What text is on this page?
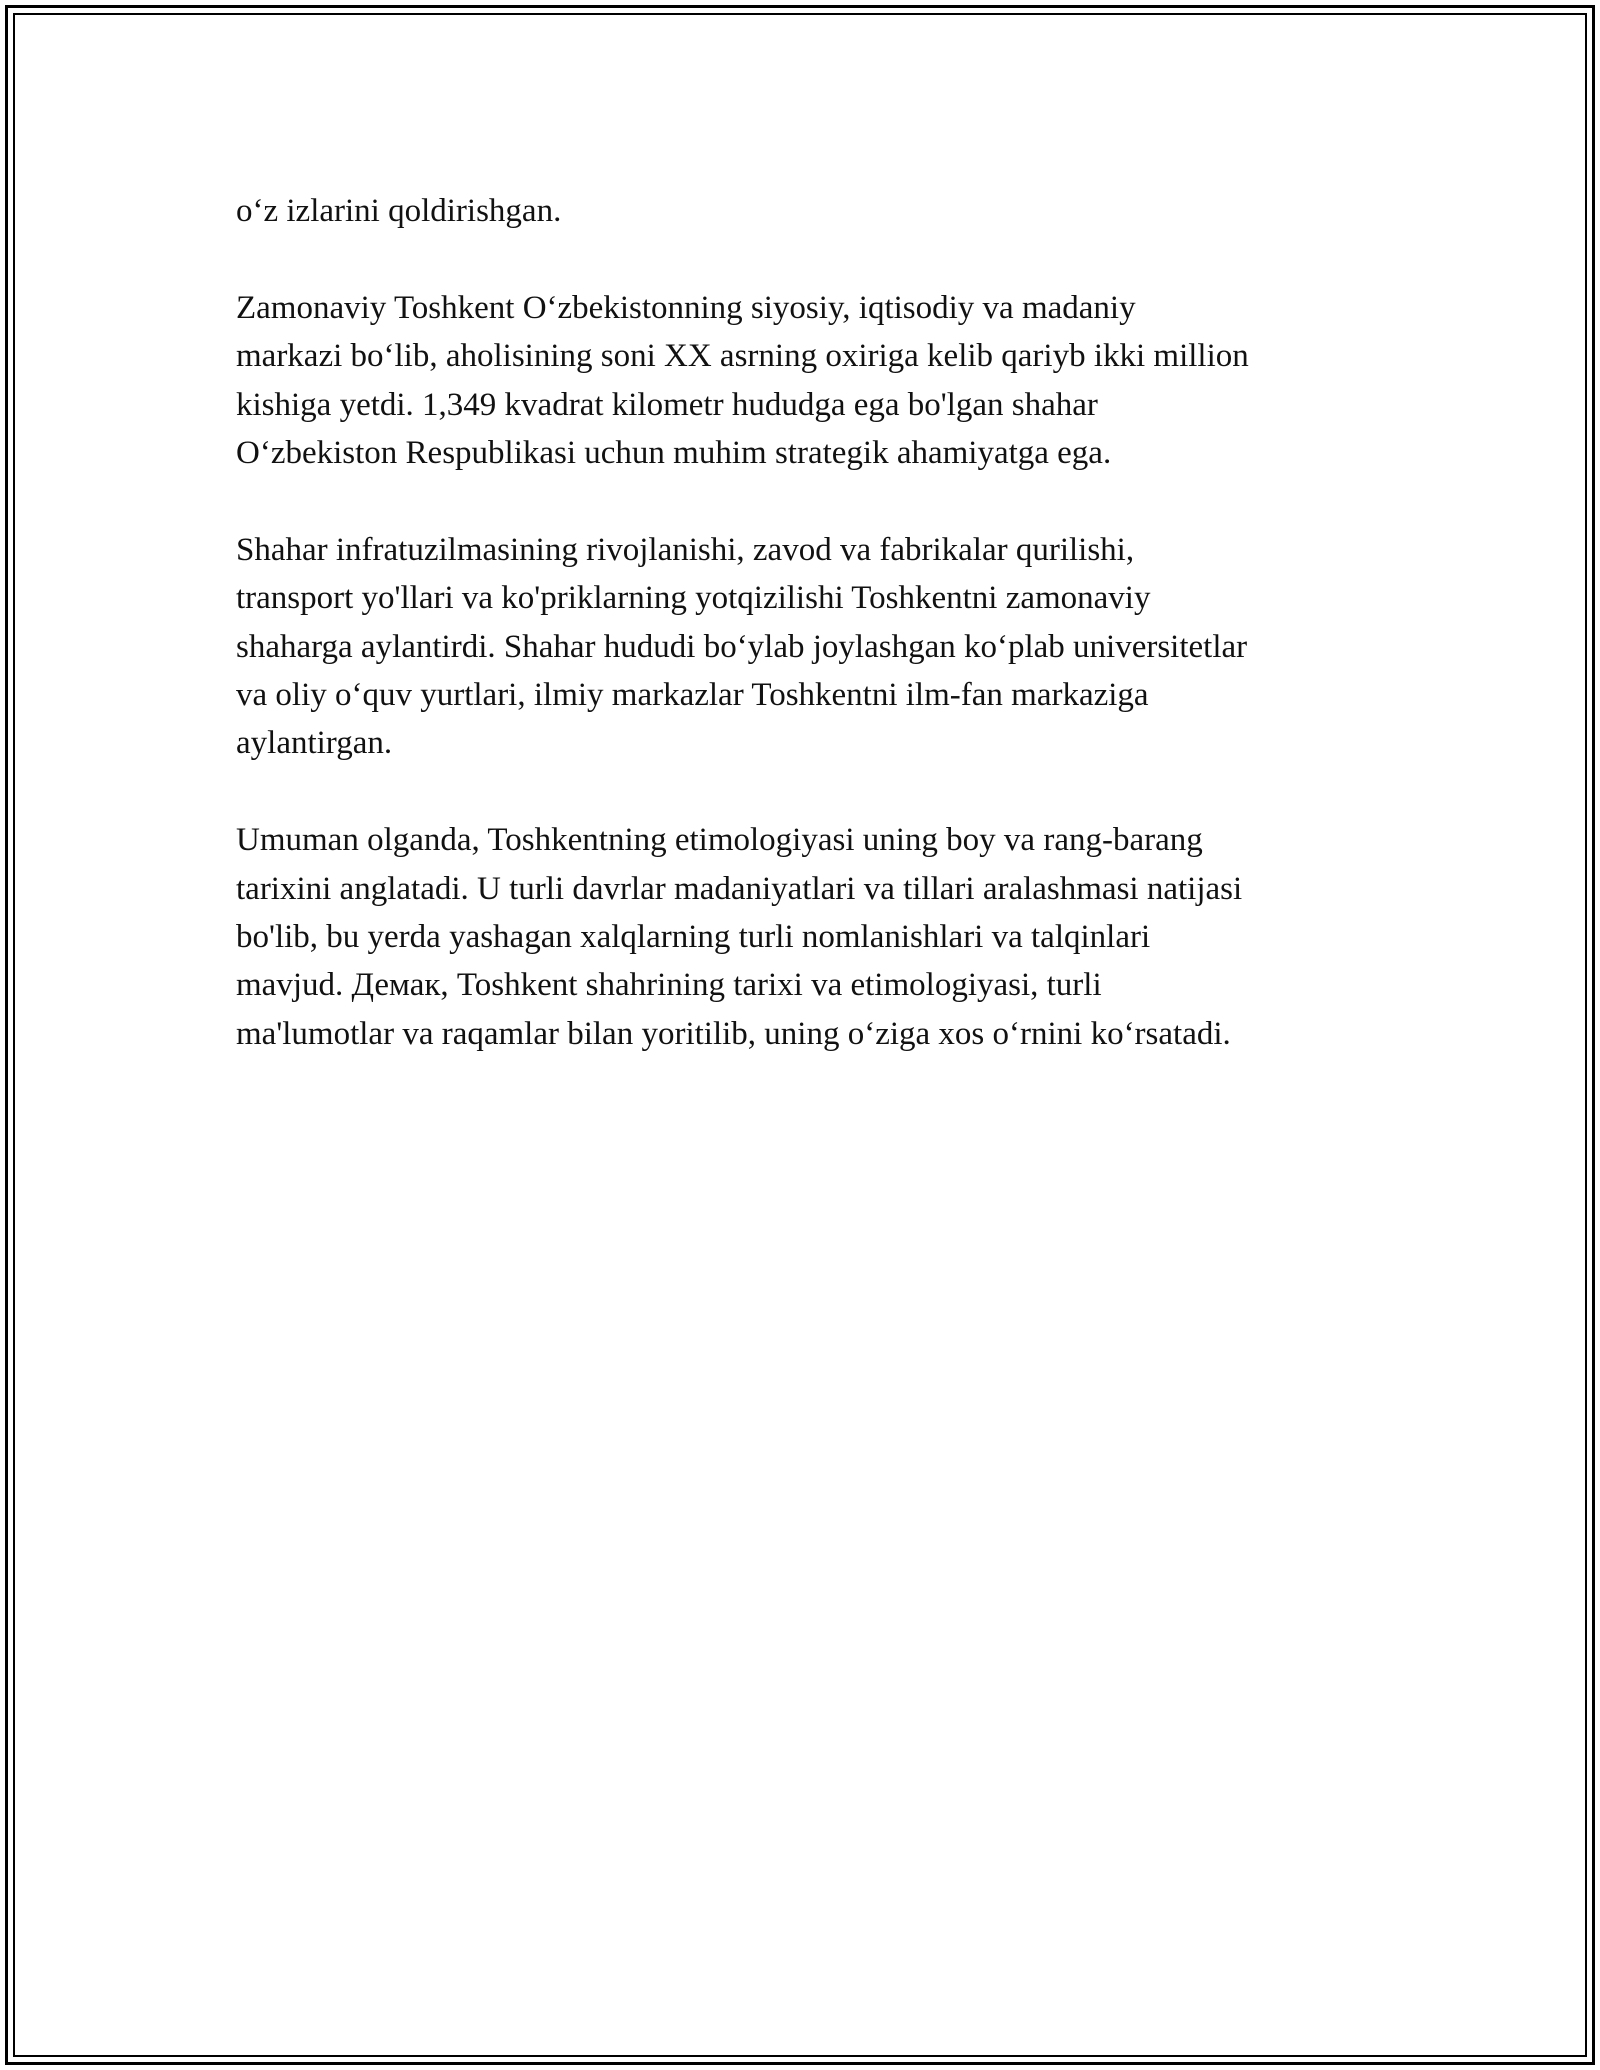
o‘z izlarini qoldirishgan.

Zamonaviy Toshkent O‘zbekistonning siyosiy, iqtisodiy va madaniy
markazi bo‘lib, aholisining soni XX asrning oxiriga kelib qariyb ikki million
kishiga yetdi. 1,349 kvadrat kilometr hududga ega bo'lgan shahar
O‘zbekiston Respublikasi uchun muhim strategik ahamiyatga ega.

Shahar infratuzilmasining rivojlanishi, zavod va fabrikalar qurilishi,
transport yo'llari va ko'priklarning yotqizilishi Toshkentni zamonaviy
shaharga aylantirdi. Shahar hududi bo‘ylab joylashgan ko‘plab universitetlar
va oliy o‘quv yurtlari, ilmiy markazlar Toshkentni ilm-fan markaziga
aylantirgan.

Umuman olganda, Toshkentning etimologiyasi uning boy va rang-barang
tarixini anglatadi. U turli davrlar madaniyatlari va tillari aralashmasi natijasi
bo'lib, bu yerda yashagan xalqlarning turli nomlanishlari va talqinlari
mavjud. Демак, Toshkent shahrining tarixi va etimologiyasi, turli
ma'lumotlar va raqamlar bilan yoritilib, uning o‘ziga xos o‘rnini ko‘rsatadi.
